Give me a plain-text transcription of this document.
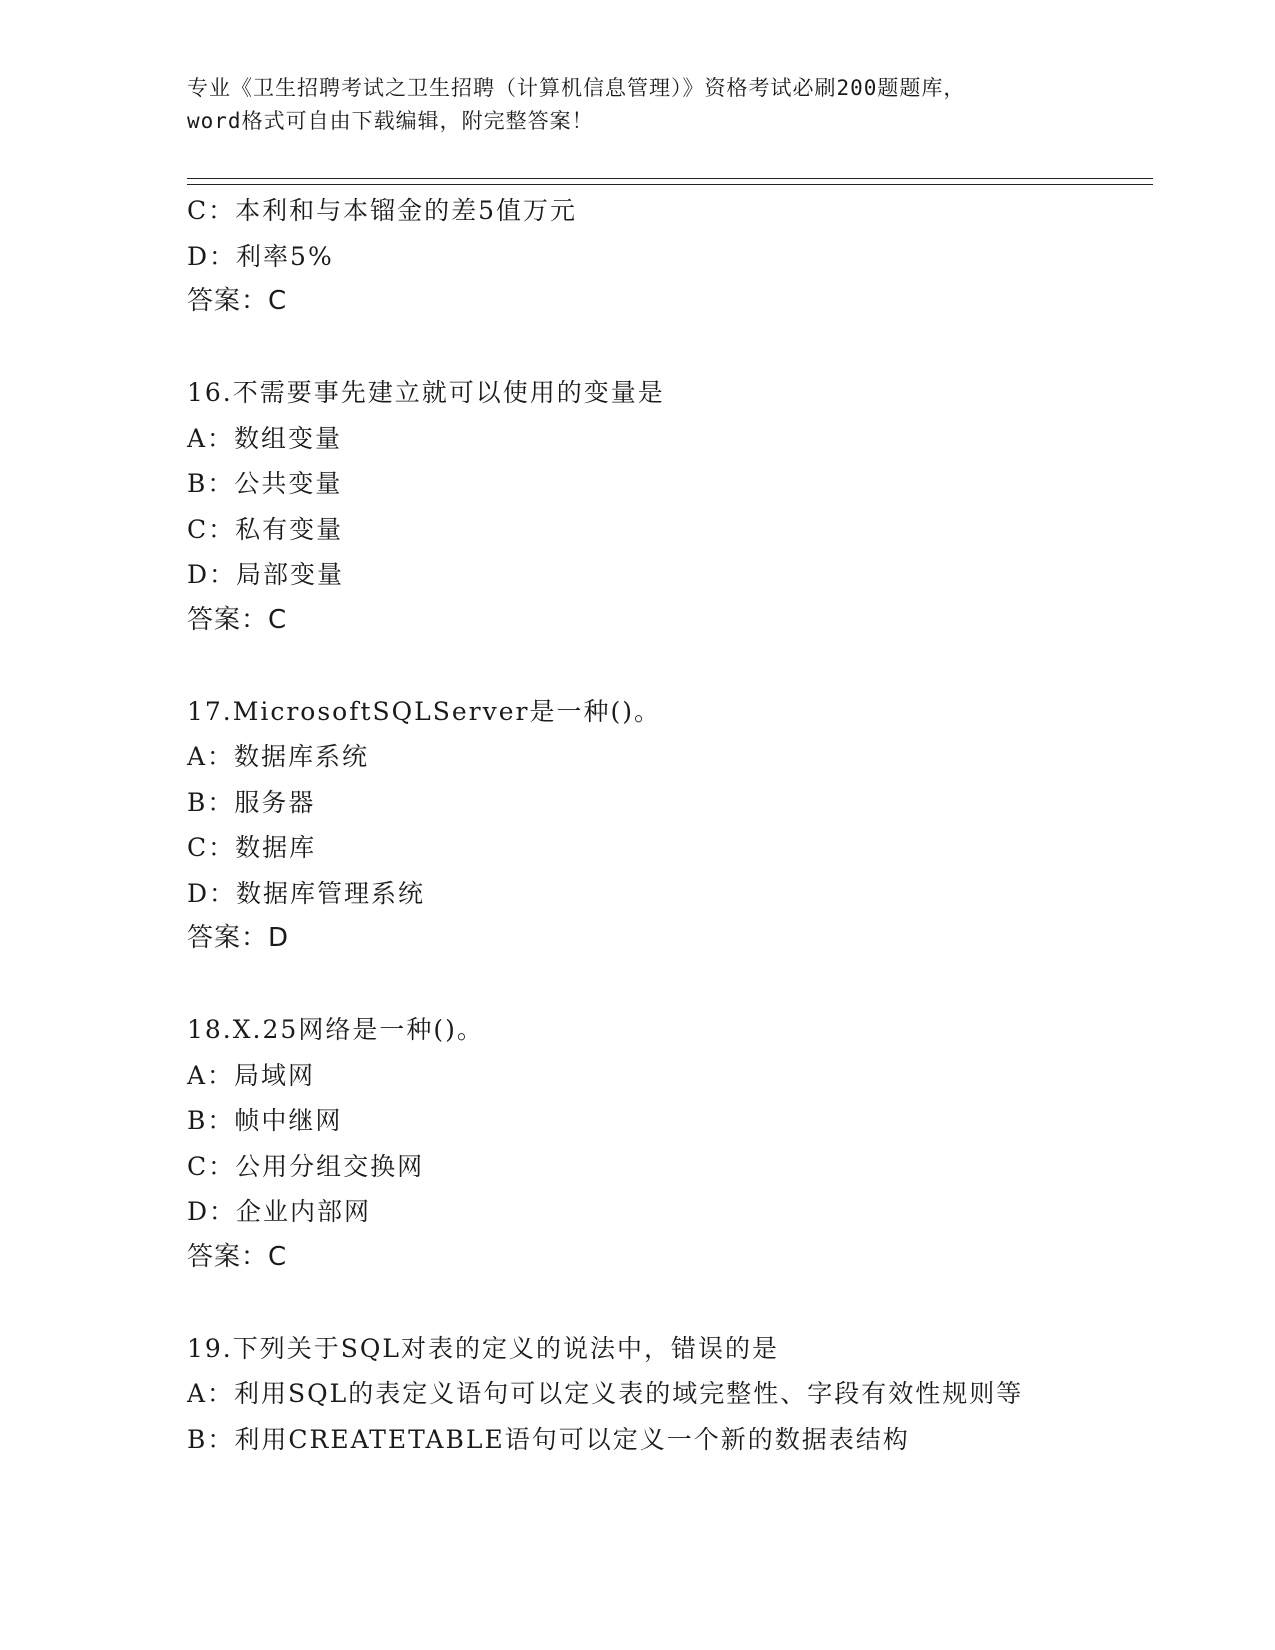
专业《卫生招聘考试之卫生招聘（计算机信息管理）》资格考试必刷200题题库，
word格式可自由下载编辑，附完整答案！
C：本利和与本镏金的差5值万元
D：利率5%
答案：C
16.不需要事先建立就可以使用的变量是
A：数组变量
B：公共变量
C：私有变量
D：局部变量
答案：C
17.MicrosoftSQLServer是一种()。
A：数据库系统
B：服务器
C：数据库
D：数据库管理系统
答案：D
18.X.25网络是一种()。
A：局域网
B：帧中继网
C：公用分组交换网
D：企业内部网
答案：C
19.下列关于SQL对表的定义的说法中，错误的是
A：利用SQL的表定义语句可以定义表的域完整性、字段有效性规则等
B：利用CREATETABLE语句可以定义一个新的数据表结构
